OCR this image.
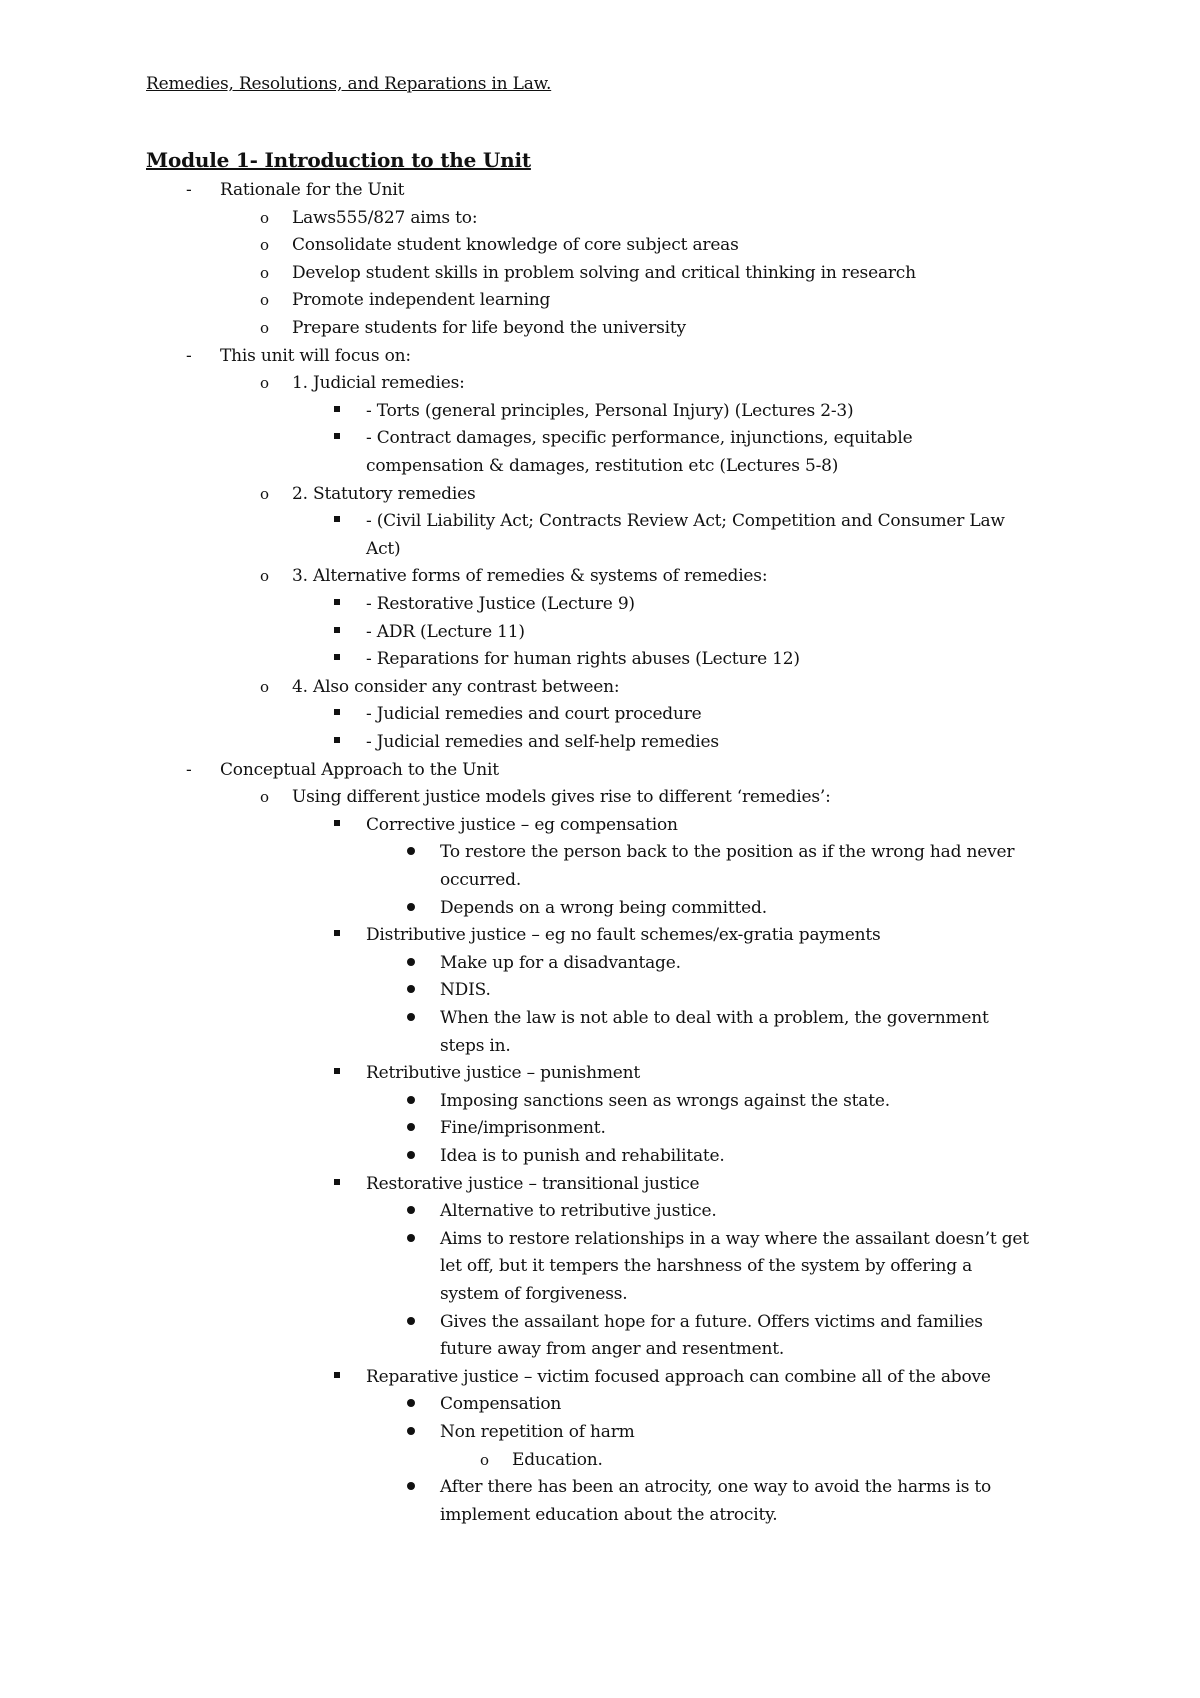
Remedies, Resolutions, and Reparations in Law.
Module 1- Introduction to the Unit
- Rationale for the Unit
o Laws555/827 aims to:
o Consolidate student knowledge of core subject areas
o Develop student skills in problem solving and critical thinking in research
o Promote independent learning
o Prepare students for life beyond the university
- This unit will focus on:
o 1. Judicial remedies:
- Torts (general principles, Personal Injury) (Lectures 2-3)
- Contract damages, specific performance, injunctions, equitable
compensation & damages, restitution etc (Lectures 5-8)
o 2. Statutory remedies
- (Civil Liability Act; Contracts Review Act; Competition and Consumer Law
Act)
o 3. Alternative forms of remedies & systems of remedies:
- Restorative Justice (Lecture 9)
- ADR (Lecture 11)
- Reparations for human rights abuses (Lecture 12)
o 4. Also consider any contrast between:
- Judicial remedies and court procedure
- Judicial remedies and self-help remedies
- Conceptual Approach to the Unit
o Using different justice models gives rise to different ‘remedies’:
Corrective justice – eg compensation
To restore the person back to the position as if the wrong had never
occurred.
Depends on a wrong being committed.
Distributive justice – eg no fault schemes/ex-gratia payments
Make up for a disadvantage.
NDIS.
When the law is not able to deal with a problem, the government
steps in.
Retributive justice – punishment
Imposing sanctions seen as wrongs against the state.
Fine/imprisonment.
Idea is to punish and rehabilitate.
Restorative justice – transitional justice
Alternative to retributive justice.
Aims to restore relationships in a way where the assailant doesn’t get
let off, but it tempers the harshness of the system by offering a
system of forgiveness.
Gives the assailant hope for a future. Offers victims and families
future away from anger and resentment.
Reparative justice – victim focused approach can combine all of the above
Compensation
Non repetition of harm
o Education.
After there has been an atrocity, one way to avoid the harms is to
implement education about the atrocity.
